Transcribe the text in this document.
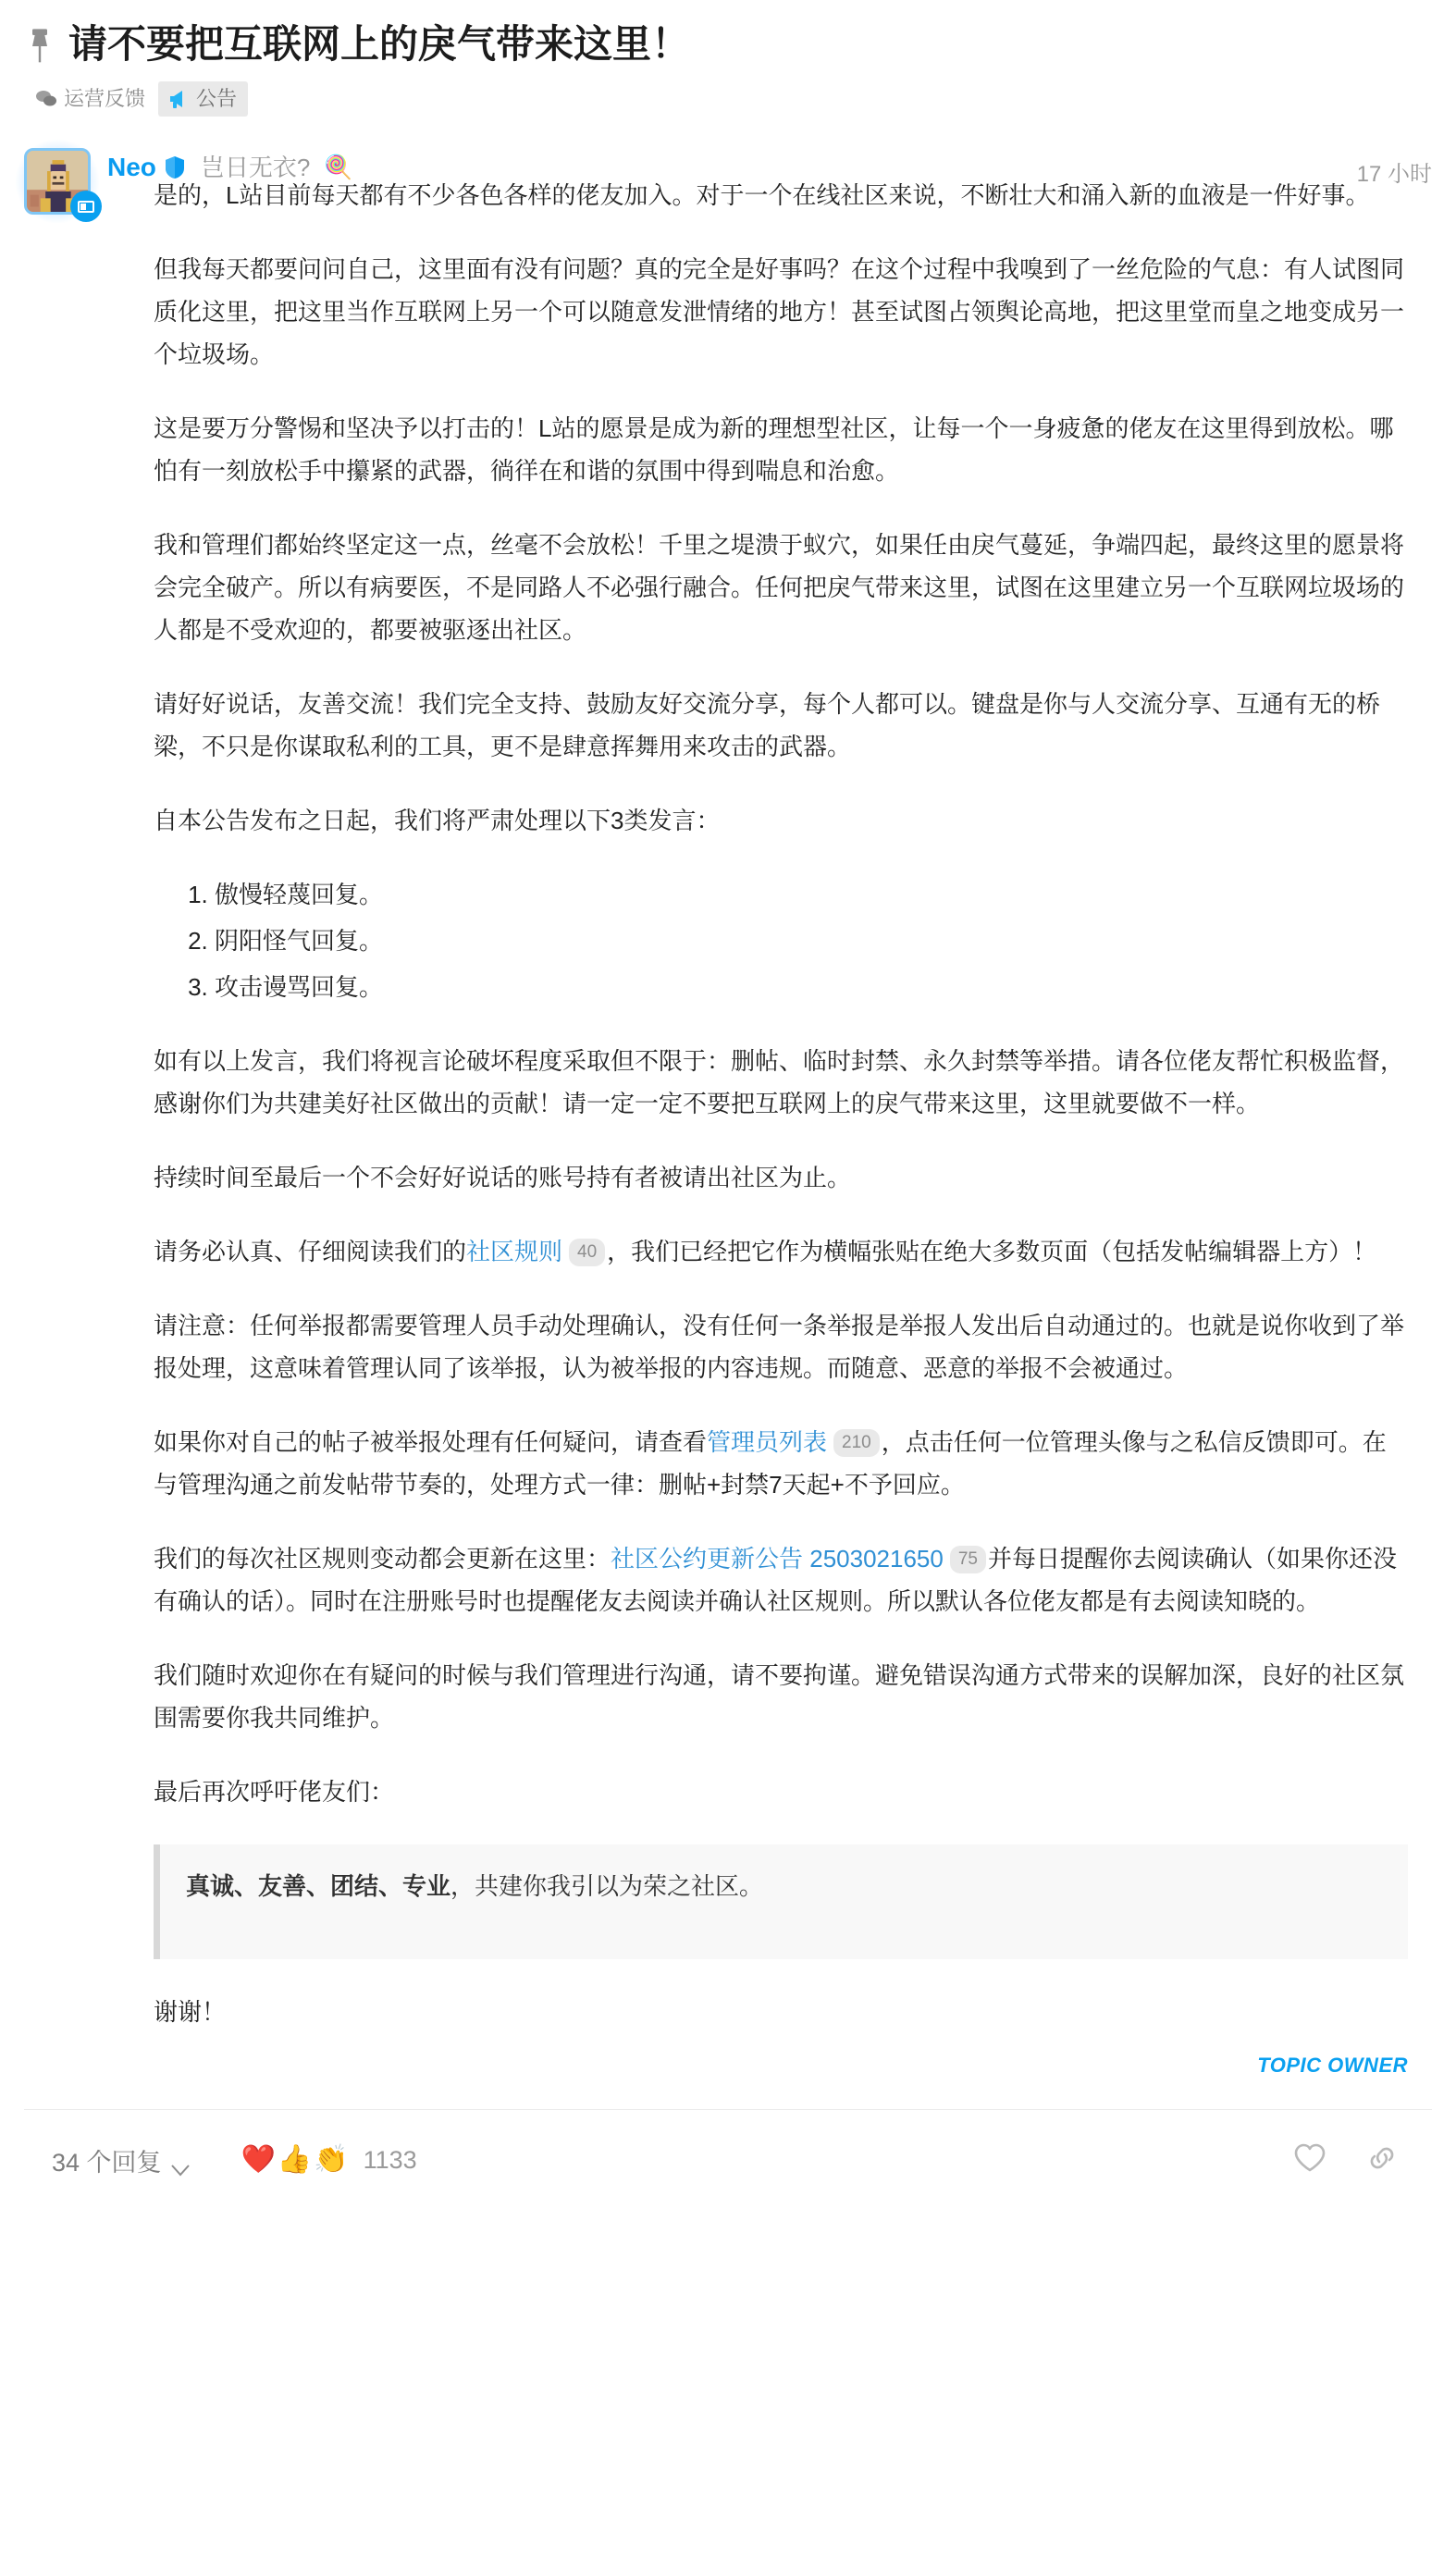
请不要把互联网上的戾气带来这里！
运营反馈	公告
Neo 岂日无衣? 🍭	17 小时

是的，L站目前每天都有不少各色各样的佬友加入。对于一个在线社区来说，不断壮大和涌入新的血液是一件好事。

但我每天都要问问自己，这里面有没有问题？真的完全是好事吗？在这个过程中我嗅到了一丝危险的气息：有人试图同质化这里，把这里当作互联网上另一个可以随意发泄情绪的地方！甚至试图占领舆论高地，把这里堂而皇之地变成另一个垃圾场。

这是要万分警惕和坚决予以打击的！L站的愿景是成为新的理想型社区，让每一个一身疲惫的佬友在这里得到放松。哪怕有一刻放松手中攥紧的武器，徜徉在和谐的氛围中得到喘息和治愈。

我和管理们都始终坚定这一点，丝毫不会放松！千里之堤溃于蚁穴，如果任由戾气蔓延，争端四起，最终这里的愿景将会完全破产。所以有病要医，不是同路人不必强行融合。任何把戾气带来这里，试图在这里建立另一个互联网垃圾场的人都是不受欢迎的，都要被驱逐出社区。

请好好说话，友善交流！我们完全支持、鼓励友好交流分享，每个人都可以。键盘是你与人交流分享、互通有无的桥梁，不只是你谋取私利的工具，更不是肆意挥舞用来攻击的武器。

自本公告发布之日起，我们将严肃处理以下3类发言：

1. 傲慢轻蔑回复。
2. 阴阳怪气回复。
3. 攻击谩骂回复。

如有以上发言，我们将视言论破坏程度采取但不限于：删帖、临时封禁、永久封禁等举措。请各位佬友帮忙积极监督，感谢你们为共建美好社区做出的贡献！请一定一定不要把互联网上的戾气带来这里，这里就要做不一样。

持续时间至最后一个不会好好说话的账号持有者被请出社区为止。

请务必认真、仔细阅读我们的社区规则 40 ，我们已经把它作为横幅张贴在绝大多数页面（包括发帖编辑器上方）！

请注意：任何举报都需要管理人员手动处理确认，没有任何一条举报是举报人发出后自动通过的。也就是说你收到了举报处理，这意味着管理认同了该举报，认为被举报的内容违规。而随意、恶意的举报不会被通过。

如果你对自己的帖子被举报处理有任何疑问，请查看管理员列表 210 ，点击任何一位管理头像与之私信反馈即可。在与管理沟通之前发帖带节奏的，处理方式一律：删帖+封禁7天起+不予回应。

我们的每次社区规则变动都会更新在这里：社区公约更新公告 2503021650 75 并每日提醒你去阅读确认（如果你还没有确认的话）。同时在注册账号时也提醒佬友去阅读并确认社区规则。所以默认各位佬友都是有去阅读知晓的。

我们随时欢迎你在有疑问的时候与我们管理进行沟通，请不要拘谨。避免错误沟通方式带来的误解加深，良好的社区氛围需要你我共同维护。

最后再次呼吁佬友们：

真诚、友善、团结、专业，共建你我引以为荣之社区。

谢谢！

TOPIC OWNER
34 个回复	❤️ 👍 👏 1133
